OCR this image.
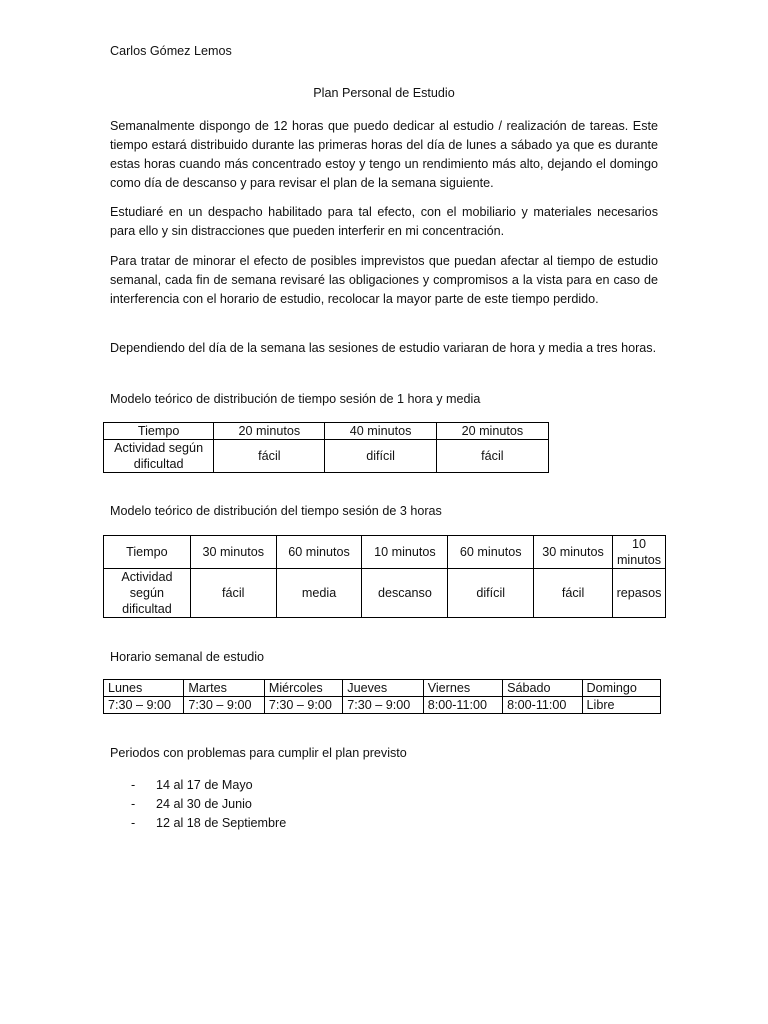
Carlos Gómez Lemos
Plan Personal de Estudio

Semanalmente dispongo de 12 horas que puedo dedicar al estudio / realización de tareas. Este tiempo estará distribuido durante las primeras horas del día de lunes a sábado ya que es durante estas horas cuando más concentrado estoy y tengo un rendimiento más alto, dejando el domingo como día de descanso y para revisar el plan de la semana siguiente.

Estudiaré en un despacho habilitado para tal efecto, con el mobiliario y materiales necesarios para ello y sin distracciones que pueden interferir en mi concentración.

Para tratar de minorar el efecto de posibles imprevistos que puedan afectar al tiempo de estudio semanal, cada fin de semana revisaré las obligaciones y compromisos a la vista para en caso de interferencia con el horario de estudio, recolocar la mayor parte de este tiempo perdido.

Dependiendo del día de la semana las sesiones de estudio variaran de hora y media a tres horas.

Modelo teórico de distribución de tiempo sesión de 1 hora y media

Tiempo	20 minutos	40 minutos	20 minutos
Actividad según dificultad	fácil	difícil	fácil

Modelo teórico de distribución del tiempo sesión de 3 horas

Tiempo	30 minutos	60 minutos	10 minutos	60 minutos	30 minutos	10 minutos
Actividad según dificultad	fácil	media	descanso	difícil	fácil	repasos

Horario semanal de estudio

Lunes	Martes	Miércoles	Jueves	Viernes	Sábado	Domingo
7:30 – 9:00	7:30 – 9:00	7:30 – 9:00	7:30 – 9:00	8:00-11:00	8:00-11:00	Libre

Periodos con problemas para cumplir el plan previsto

- 14 al 17 de Mayo
- 24 al 30 de Junio
- 12 al 18 de Septiembre
